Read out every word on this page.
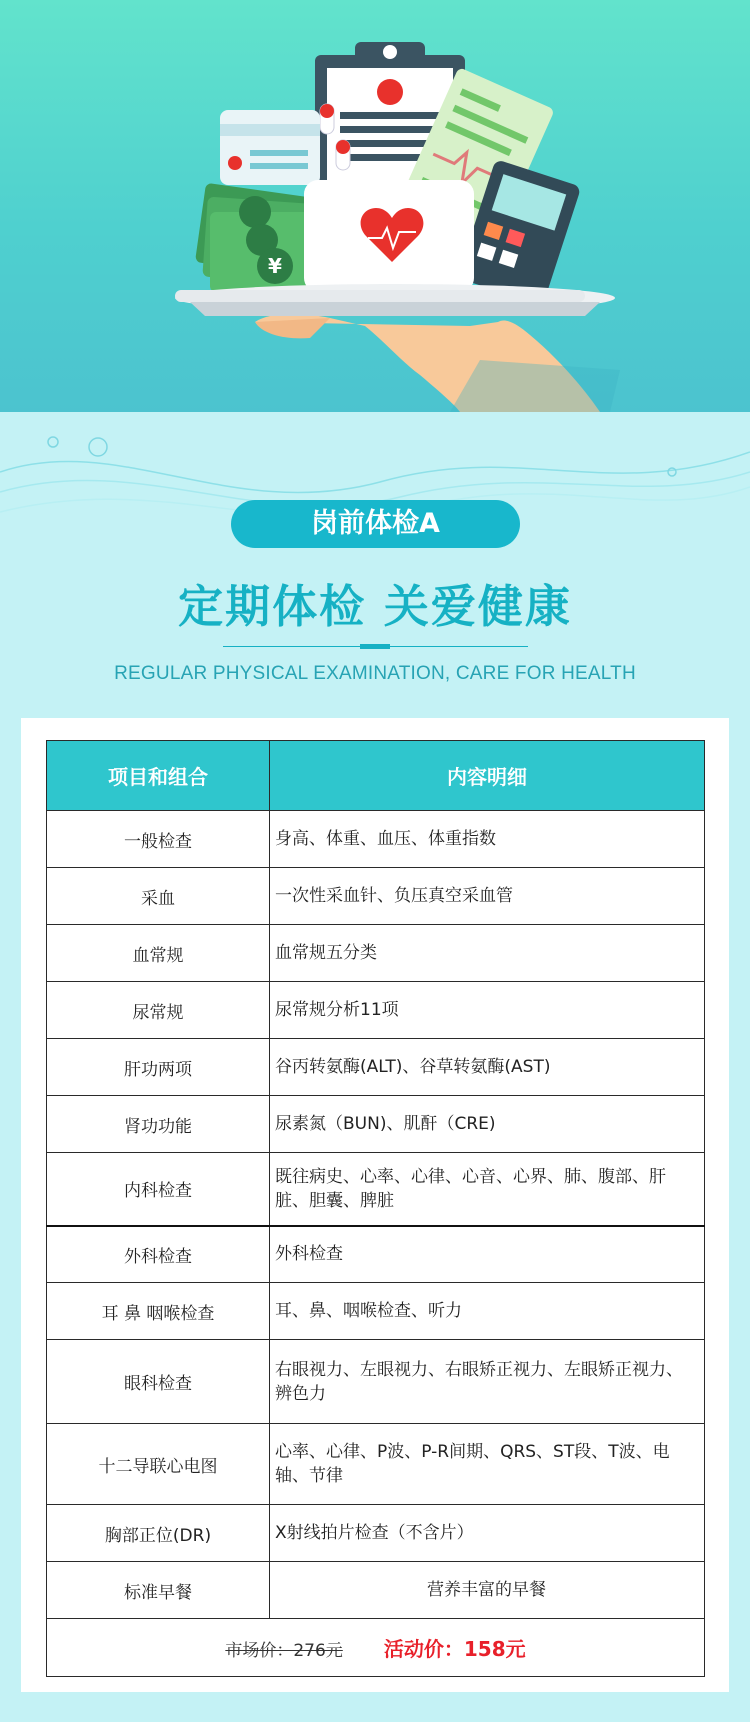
¥
岗前体检A
定期体检 关爱健康
REGULAR PHYSICAL EXAMINATION, CARE FOR HEALTH
项目和组合	内容明细
一般检查	身高、体重、血压、体重指数
采血	一次性采血针、负压真空采血管
血常规	血常规五分类
尿常规	尿常规分析11项
肝功两项	谷丙转氨酶(ALT)、谷草转氨酶(AST)
肾功功能	尿素氮（BUN)、肌酐（CRE)
内科检查	既往病史、心率、心律、心音、心界、肺、腹部、肝脏、胆囊、脾脏
外科检查	外科检查
耳 鼻 咽喉检查	耳、鼻、咽喉检查、听力
眼科检查	右眼视力、左眼视力、右眼矫正视力、左眼矫正视力、辨色力
十二导联心电图	心率、心律、P波、P-R间期、QRS、ST段、T波、电轴、节律
胸部正位(DR)	X射线拍片检查（不含片）
标准早餐	营养丰富的早餐
市场价：276元 活动价：158元	
